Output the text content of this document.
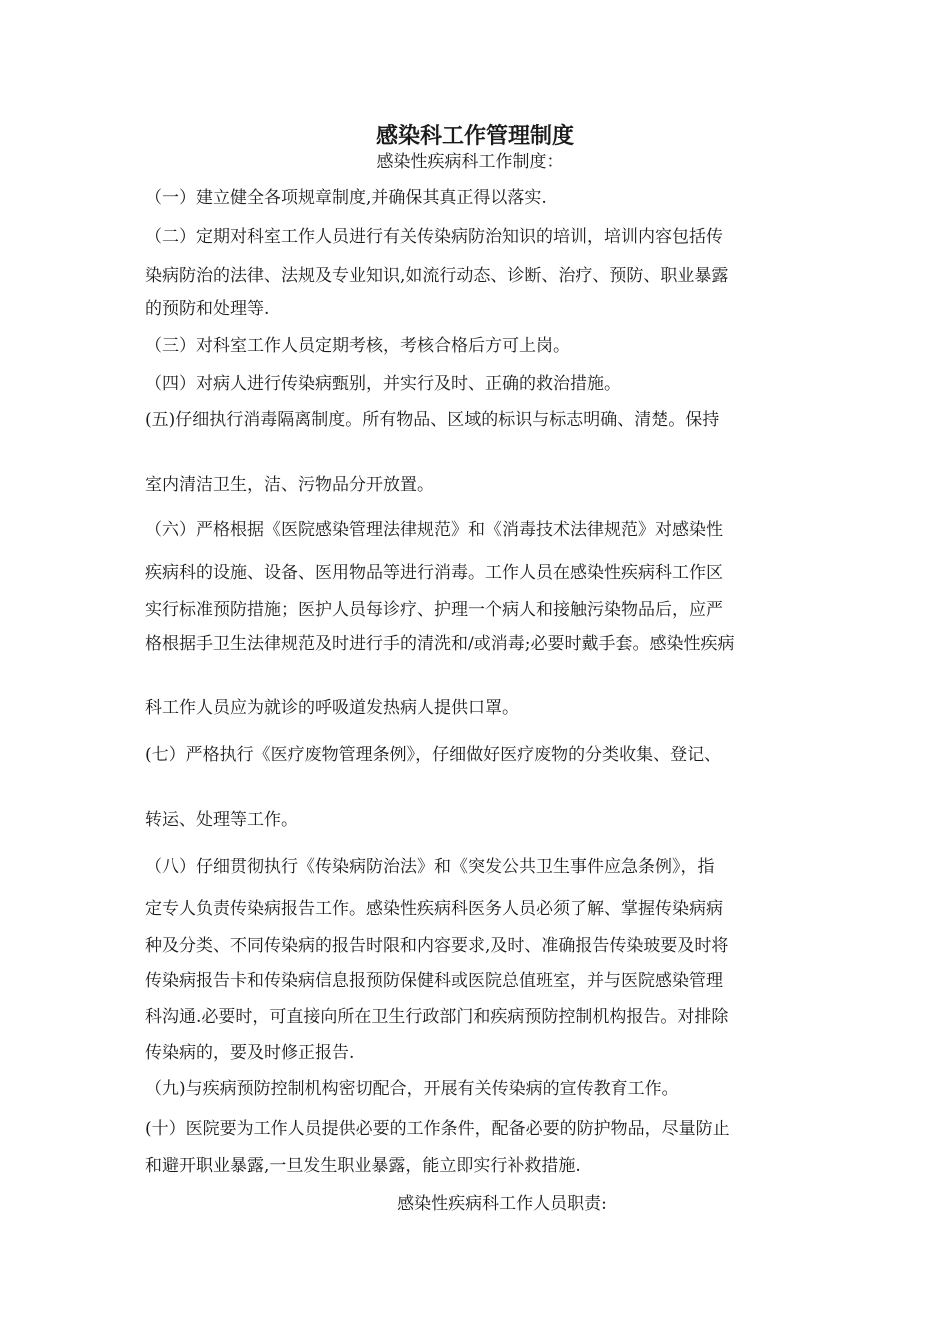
感染科工作管理制度
感染性疾病科工作制度：
（一）建立健全各项规章制度,并确保其真正得以落实.
（二）定期对科室工作人员进行有关传染病防治知识的培训，培训内容包括传
染病防治的法律、法规及专业知识,如流行动态、诊断、治疗、预防、职业暴露
的预防和处理等.
（三）对科室工作人员定期考核，考核合格后方可上岗。
（四）对病人进行传染病甄别，并实行及时、正确的救治措施。
(五)仔细执行消毒隔离制度。所有物品、区域的标识与标志明确、清楚。保持
室内清洁卫生，洁、污物品分开放置。
（六）严格根据《医院感染管理法律规范》和《消毒技术法律规范》对感染性
疾病科的设施、设备、医用物品等进行消毒。工作人员在感染性疾病科工作区
实行标准预防措施；医护人员每诊疗、护理一个病人和接触污染物品后，应严
格根据手卫生法律规范及时进行手的清洗和/或消毒;必要时戴手套。感染性疾病
科工作人员应为就诊的呼吸道发热病人提供口罩。
(七）严格执行《医疗废物管理条例》，仔细做好医疗废物的分类收集、登记、
转运、处理等工作。
（八）仔细贯彻执行《传染病防治法》和《突发公共卫生事件应急条例》，指
定专人负责传染病报告工作。感染性疾病科医务人员必须了解、掌握传染病病
种及分类、不同传染病的报告时限和内容要求,及时、准确报告传染玻要及时将
传染病报告卡和传染病信息报预防保健科或医院总值班室，并与医院感染管理
科沟通.必要时，可直接向所在卫生行政部门和疾病预防控制机构报告。对排除
传染病的，要及时修正报告.
（九)与疾病预防控制机构密切配合，开展有关传染病的宣传教育工作。
(十）医院要为工作人员提供必要的工作条件，配备必要的防护物品，尽量防止
和避开职业暴露,一旦发生职业暴露，能立即实行补救措施.
感染性疾病科工作人员职责:
